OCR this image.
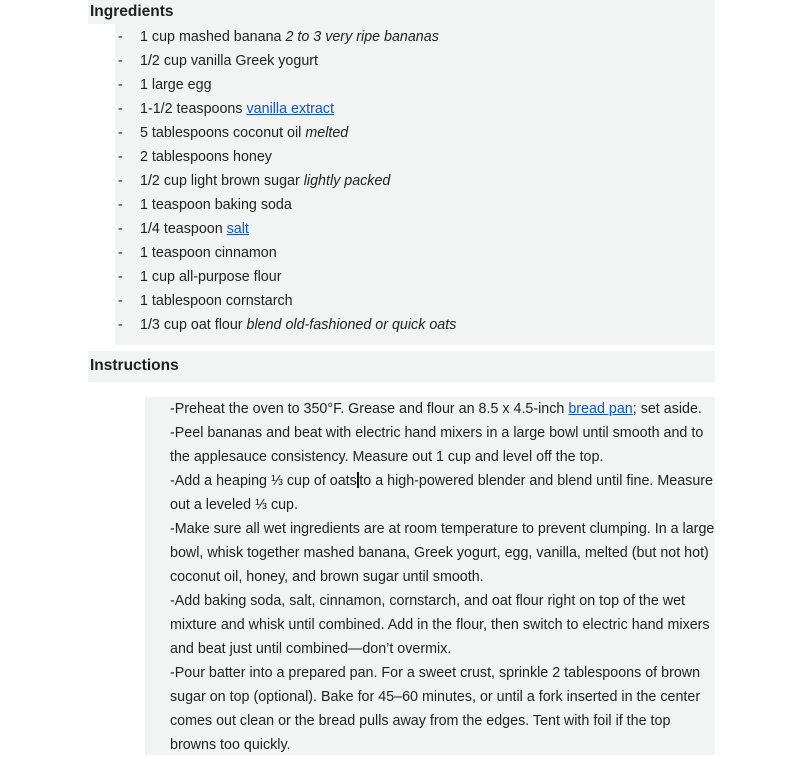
Ingredients
- 1 cup mashed banana 2 to 3 very ripe bananas
- 1/2 cup vanilla Greek yogurt
- 1 large egg
- 1-1/2 teaspoons vanilla extract
- 5 tablespoons coconut oil melted
- 2 tablespoons honey
- 1/2 cup light brown sugar lightly packed
- 1 teaspoon baking soda
- 1/4 teaspoon salt
- 1 teaspoon cinnamon
- 1 cup all-purpose flour
- 1 tablespoon cornstarch
- 1/3 cup oat flour blend old-fashioned or quick oats
Instructions

-Preheat the oven to 350°F. Grease and flour an 8.5 x 4.5-inch bread pan; set aside.

-Peel bananas and beat with electric hand mixers in a large bowl until smooth and to the applesauce consistency. Measure out 1 cup and level off the top.

-Add a heaping ⅓ cup of oats to a high-powered blender and blend until fine. Measure out a leveled ⅓ cup.

-Make sure all wet ingredients are at room temperature to prevent clumping. In a large bowl, whisk together mashed banana, Greek yogurt, egg, vanilla, melted (but not hot) coconut oil, honey, and brown sugar until smooth.

-Add baking soda, salt, cinnamon, cornstarch, and oat flour right on top of the wet mixture and whisk until combined. Add in the flour, then switch to electric hand mixers and beat just until combined—don’t overmix.

-Pour batter into a prepared pan. For a sweet crust, sprinkle 2 tablespoons of brown sugar on top (optional). Bake for 45–60 minutes, or until a fork inserted in the center comes out clean or the bread pulls away from the edges. Tent with foil if the top browns too quickly.
